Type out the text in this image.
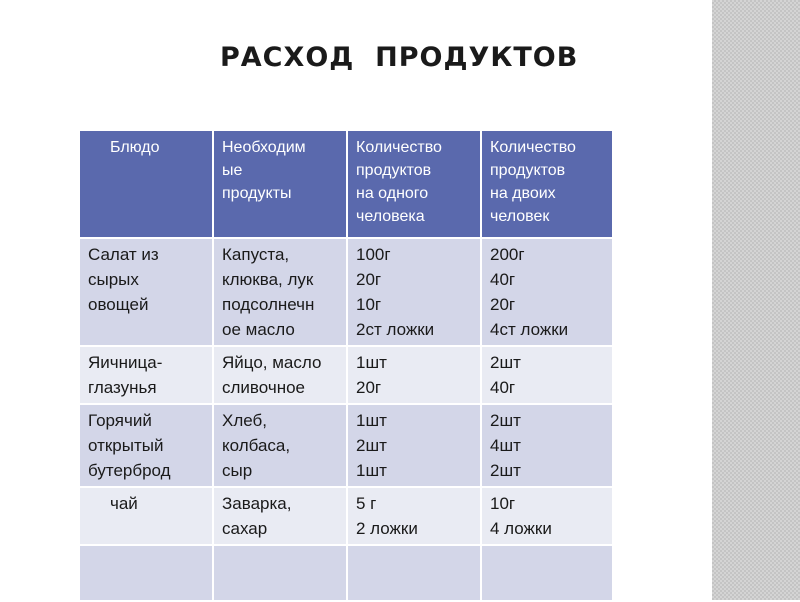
РАСХОД  ПРОДУКТОВ
Блюдо	Необходим
ые
продукты	Количество
продуктов
на одного
человека	Количество
продуктов
на двоих
человек

Салат из
сырых
овощей	Капуста,
клюква, лук
подсолнечн
ое масло	100г
20г
10г
2ст ложки	200г
40г
20г
4ст ложки

Яичница-
глазунья	Яйцо, масло
сливочное	1шт
20г	2шт
40г

Горячий
открытый
бутерброд	Хлеб,
колбаса,
сыр	1шт
2шт
1шт	2шт
4шт
2шт

чай	Заварка,
сахар	5 г
2 ложки	10г
4 ложки
